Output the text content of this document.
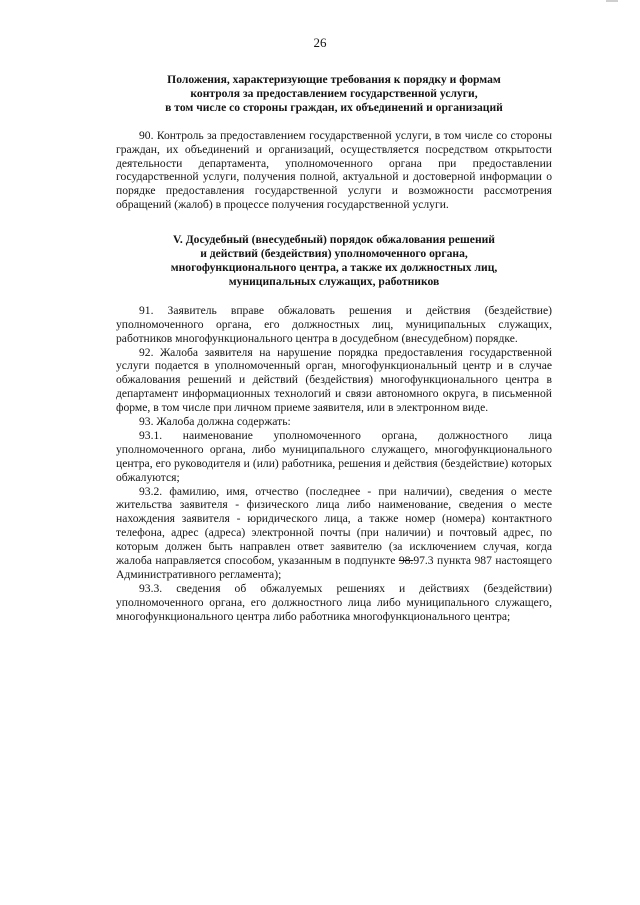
26

Положения, характеризующие требования к порядку и формам
контроля за предоставлением государственной услуги,
в том числе со стороны граждан, их объединений и организаций

90. Контроль за предоставлением государственной услуги, в том числе со стороны граждан, их объединений и организаций, осуществляется посредством открытости деятельности департамента, уполномоченного органа при предоставлении государственной услуги, получения полной, актуальной и достоверной информации о порядке предоставления государственной услуги и возможности рассмотрения обращений (жалоб) в процессе получения государственной услуги.

V. Досудебный (внесудебный) порядок обжалования решений
и действий (бездействия) уполномоченного органа,
многофункционального центра, а также их должностных лиц,
муниципальных служащих, работников

91. Заявитель вправе обжаловать решения и действия (бездействие) уполномоченного органа, его должностных лиц, муниципальных служащих, работников многофункционального центра в досудебном (внесудебном) порядке.

92. Жалоба заявителя на нарушение порядка предоставления государственной услуги подается в уполномоченный орган, многофункциональный центр и в случае обжалования решений и действий (бездействия) многофункционального центра в департамент информационных технологий и связи автономного округа, в письменной форме, в том числе при личном приеме заявителя, или в электронном виде.

93. Жалоба должна содержать:

93.1. наименование уполномоченного органа, должностного лица уполномоченного органа, либо муниципального служащего, многофункционального центра, его руководителя и (или) работника, решения и действия (бездействие) которых обжалуются;

93.2. фамилию, имя, отчество (последнее - при наличии), сведения о месте жительства заявителя - физического лица либо наименование, сведения о месте нахождения заявителя - юридического лица, а также номер (номера) контактного телефона, адрес (адреса) электронной почты (при наличии) и почтовый адрес, по которым должен быть направлен ответ заявителю (за исключением случая, когда жалоба направляется способом, указанным в подпункте 98.97.3 пункта 987 настоящего Административного регламента);

93.3. сведения об обжалуемых решениях и действиях (бездействии) уполномоченного органа, его должностного лица либо муниципального служащего, многофункционального центра либо работника многофункционального центра;
